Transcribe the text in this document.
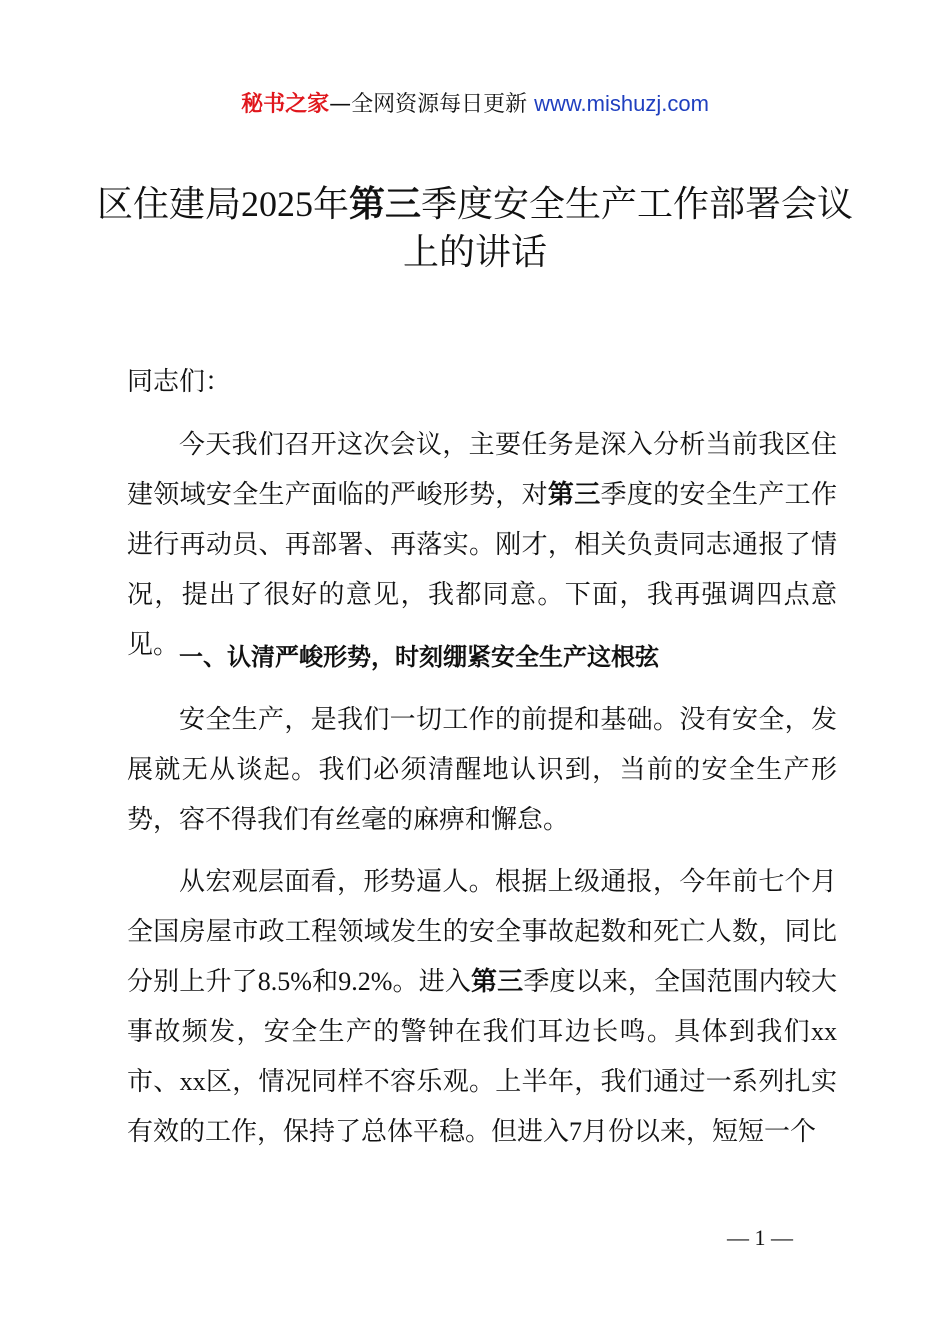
秘书之家—全网资源每日更新 www.mishuzj.com
区住建局2025年第三季度安全生产工作部署会议上的讲话

同志们：

今天我们召开这次会议，主要任务是深入分析当前我区住建领域安全生产面临的严峻形势，对第三季度的安全生产工作进行再动员、再部署、再落实。刚才，相关负责同志通报了情况，提出了很好的意见，我都同意。下面，我再强调四点意见。 一、认清严峻形势，时刻绷紧安全生产这根弦

安全生产，是我们一切工作的前提和基础。没有安全，发展就无从谈起。我们必须清醒地认识到，当前的安全生产形势，容不得我们有丝毫的麻痹和懈怠。

从宏观层面看，形势逼人。根据上级通报，今年前七个月全国房屋市政工程领域发生的安全事故起数和死亡人数，同比分别上升了8.5%和9.2%。进入第三季度以来，全国范围内较大事故频发，安全生产的警钟在我们耳边长鸣。具体到我们xx市、xx区，情况同样不容乐观。上半年，我们通过一系列扎实有效的工作，保持了总体平稳。但进入7月份以来，短短一个

— 1 —
